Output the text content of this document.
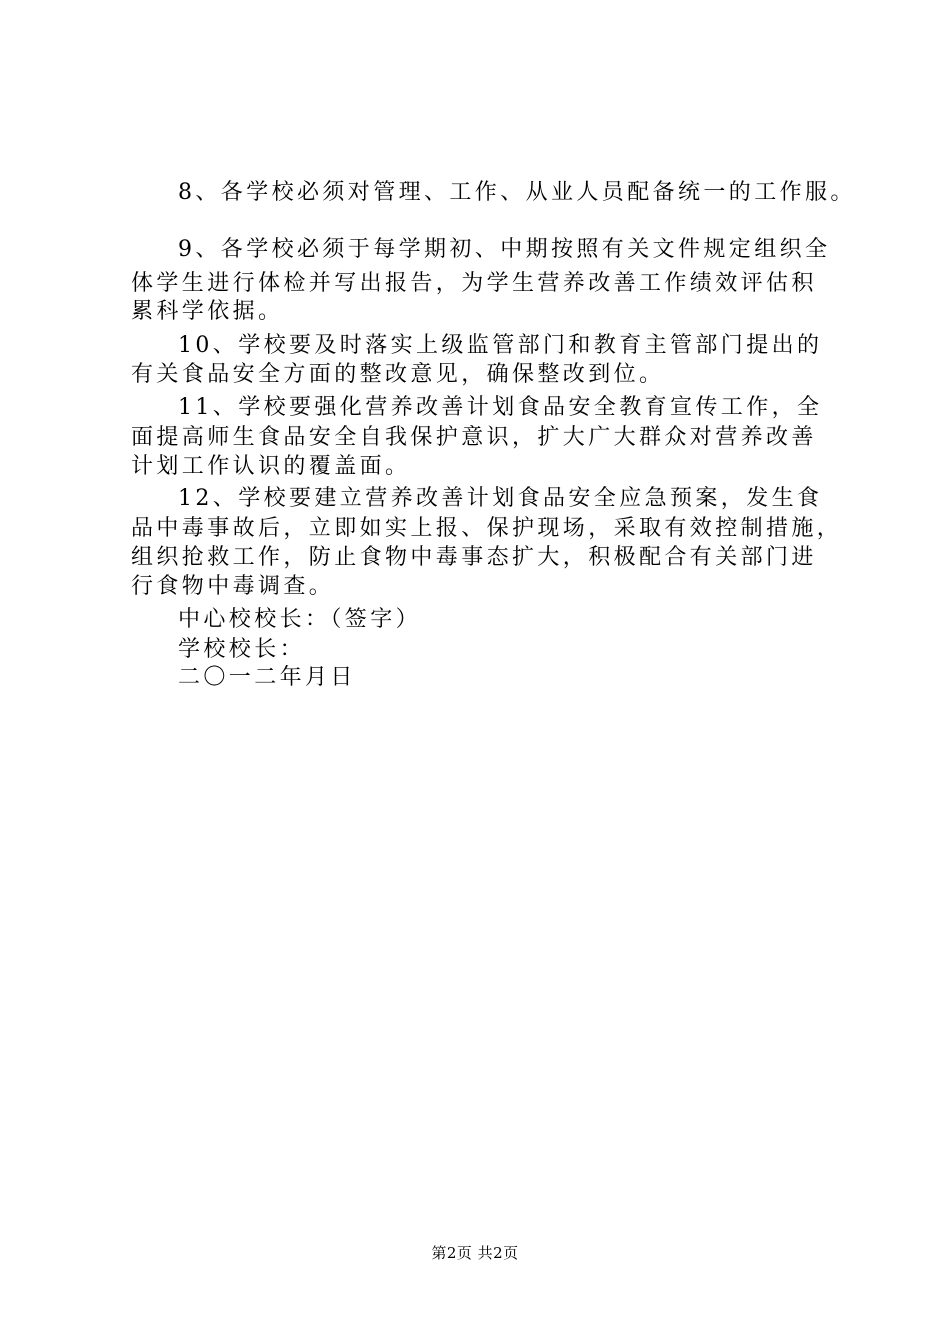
8、各学校必须对管理、工作、从业人员配备统一的工作服。
9、各学校必须于每学期初、中期按照有关文件规定组织全
体学生进行体检并写出报告，为学生营养改善工作绩效评估积
累科学依据。
10、学校要及时落实上级监管部门和教育主管部门提出的
有关食品安全方面的整改意见，确保整改到位。
11、学校要强化营养改善计划食品安全教育宣传工作，全
面提高师生食品安全自我保护意识，扩大广大群众对营养改善
计划工作认识的覆盖面。
12、学校要建立营养改善计划食品安全应急预案，发生食
品中毒事故后，立即如实上报、保护现场，采取有效控制措施，
组织抢救工作，防止食物中毒事态扩大，积极配合有关部门进
行食物中毒调查。
中心校校长：（签字）
学校校长：
二〇一二年月日
第2页 共2页
